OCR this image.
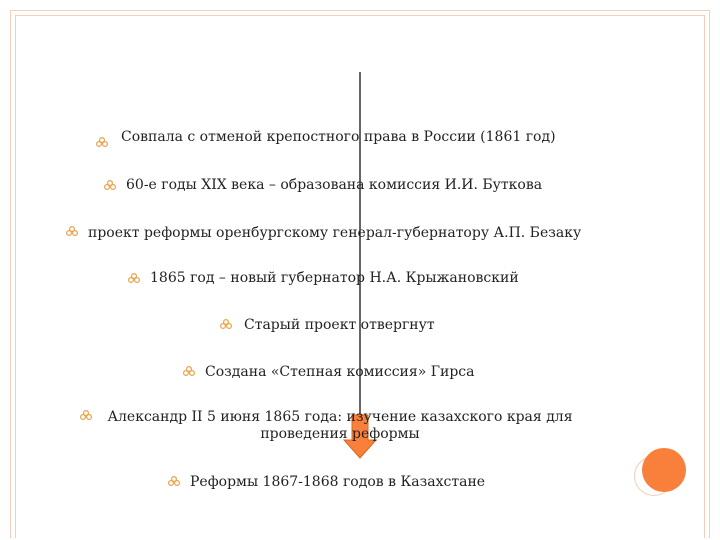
Совпала с отменой крепостного права в России (1861 год)
60-е годы XIX века – образована комиссия И.И. Буткова
проект реформы оренбургскому генерал-губернатору А.П. Безаку
1865 год – новый губернатор Н.А. Крыжановский
Старый проект отвергнут
Создана «Степная комиссия» Гирса
Александр II 5 июня 1865 года: изучение казахского края для проведения реформы
Реформы 1867-1868 годов в Казахстане
